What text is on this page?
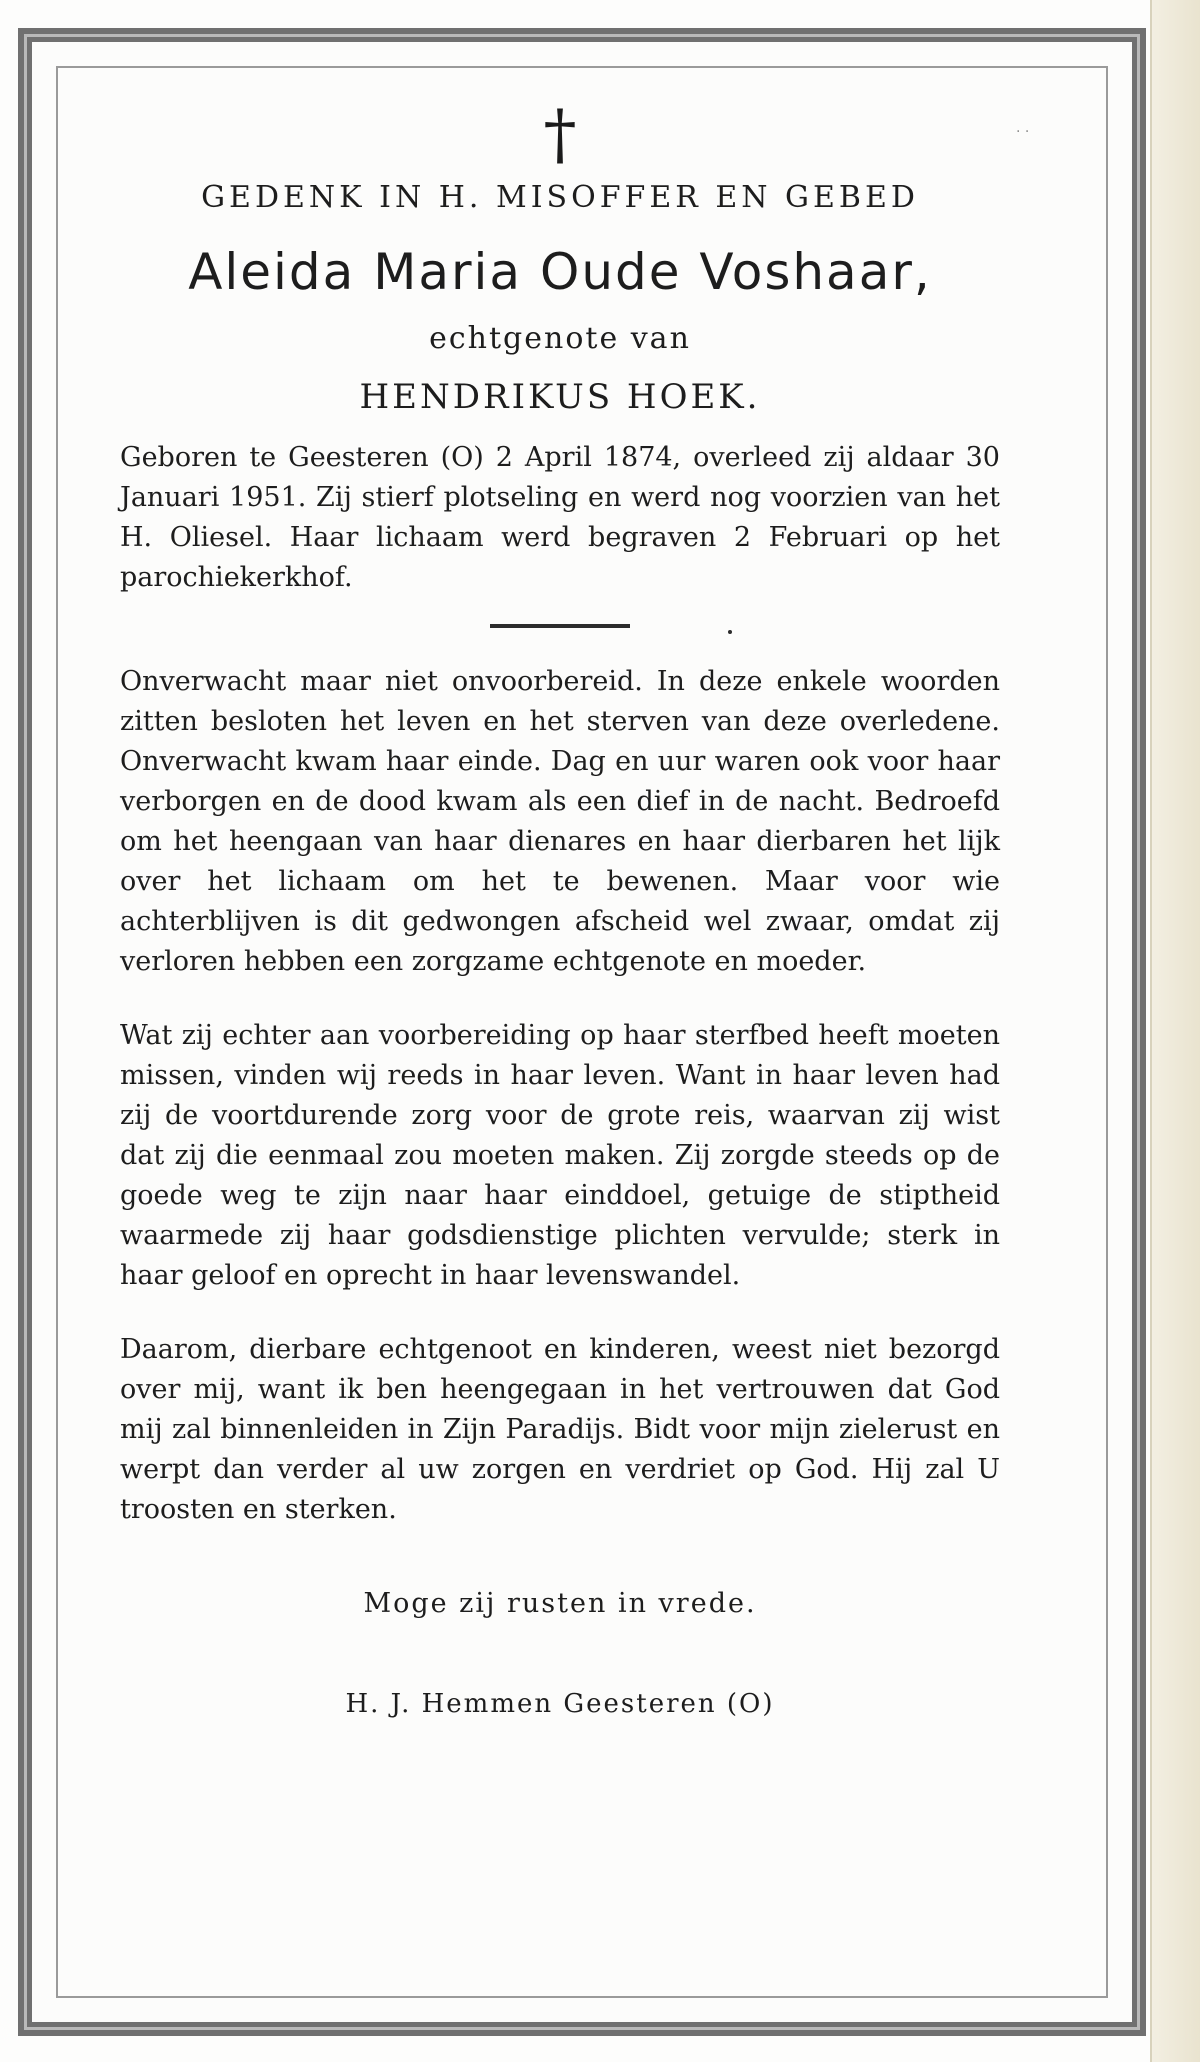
· ·
†
GEDENK IN H. MISOFFER EN GEBED
Aleida Maria Oude Voshaar,
echtgenote van
HENDRIKUS HOEK.

Geboren te Geesteren (O) 2 April 1874, overleed zij aldaar 30 Januari 1951. Zij stierf plotseling en werd nog voorzien van het H. Oliesel. Haar lichaam werd begraven 2 Februari op het parochiekerkhof.

Onverwacht maar niet onvoorbereid. In deze enkele woorden zitten besloten het leven en het sterven van deze overledene. Onverwacht kwam haar einde. Dag en uur waren ook voor haar verborgen en de dood kwam als een dief in de nacht. Bedroefd om het heengaan van haar dienares en haar dierbaren het lijk over het lichaam om het te bewenen. Maar voor wie achterblijven is dit gedwongen afscheid wel zwaar, omdat zij verloren hebben een zorgzame echtgenote en moeder.

Wat zij echter aan voorbereiding op haar sterfbed heeft moeten missen, vinden wij reeds in haar leven. Want in haar leven had zij de voortdurende zorg voor de grote reis, waarvan zij wist dat zij die eenmaal zou moeten maken. Zij zorgde steeds op de goede weg te zijn naar haar einddoel, getuige de stiptheid waarmede zij haar godsdienstige plichten vervulde; sterk in haar geloof en oprecht in haar levenswandel.

Daarom, dierbare echtgenoot en kinderen, weest niet bezorgd over mij, want ik ben heengegaan in het vertrouwen dat God mij zal binnenleiden in Zijn Paradijs. Bidt voor mijn zielerust en werpt dan verder al uw zorgen en verdriet op God. Hij zal U troosten en sterken.

Moge zij rusten in vrede.
H. J. Hemmen Geesteren (O)
